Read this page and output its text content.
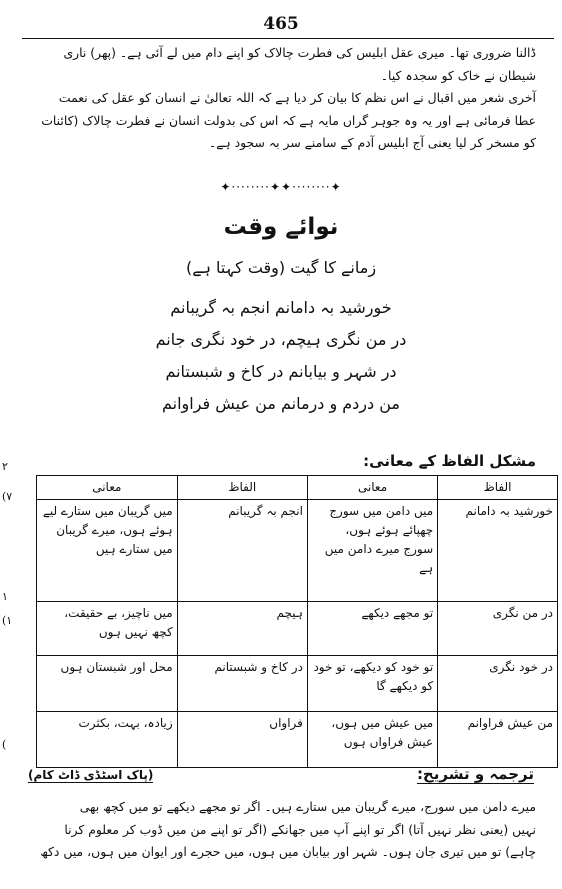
465
ڈالنا ضروری تھا۔ میری عقل ابلیس کی فطرت چالاک کو اپنے دام میں لے آئی ہے۔ (پھر) ناری
شیطان نے خاک کو سجدہ کیا۔
آخری شعر میں اقبال نے اس نظم کا بیان کر دیا ہے کہ اللہ تعالیٰ نے انسان کو عقل کی نعمت
عطا فرمائی ہے اور یہ وہ جوہر گراں مایہ ہے کہ اس کی بدولت انسان نے فطرت چالاک (کائنات
کو مسخر کر لیا یعنی آج ابلیس آدم کے سامنے سر بہ سجود ہے۔
✦⋅⋅⋅⋅⋅⋅⋅⋅✦✦⋅⋅⋅⋅⋅⋅⋅⋅✦
نوائے وقت
زمانے کا گیت (وقت کہتا ہے)
خورشید بہ دامانم انجم بہ گریبانم
در من نگری ہیچم، در خود نگری جانم
در شہر و بیابانم در کاخ و شبستانم
من دردم و درمانم من عیش فراوانم
مشکل الفاظ کے معانی:
الفاظ	معانی	الفاظ	معانی
خورشید بہ دامانم	میں دامن میں سورج چھپائے ہوئے ہوں، سورج میرے دامن میں ہے	انجم بہ گریبانم	میں گریبان میں ستارے لیے ہوئے ہوں، میرے گریبان میں ستارے ہیں
در من نگری	تو مجھے دیکھے	ہیچم	میں ناچیز، بے حقیقت، کچھ نہیں ہوں
در خود نگری	تو خود کو دیکھے، تو خود کو دیکھے گا	در کاخ و شبستانم	محل اور شبستان ہوں
من عیش فراوانم	میں عیش میں ہوں، عیش فراواں ہوں	فراواں	زیادہ، بہت، بکثرت
۲
(۷
۱
(۱
(
ترجمہ و تشریح:
(پاک اسٹڈی ڈاٹ کام)
میرے دامن میں سورج، میرے گریبان میں ستارے ہیں۔ اگر تو مجھے دیکھے تو میں کچھ بھی
نہیں (یعنی نظر نہیں آتا) اگر تو اپنے آپ میں جھانکے (اگر تو اپنے من میں ڈوب کر معلوم کرنا
چاہے) تو میں تیری جان ہوں۔ شہر اور بیابان میں ہوں، میں حجرے اور ایوان میں ہوں، میں دکھ
